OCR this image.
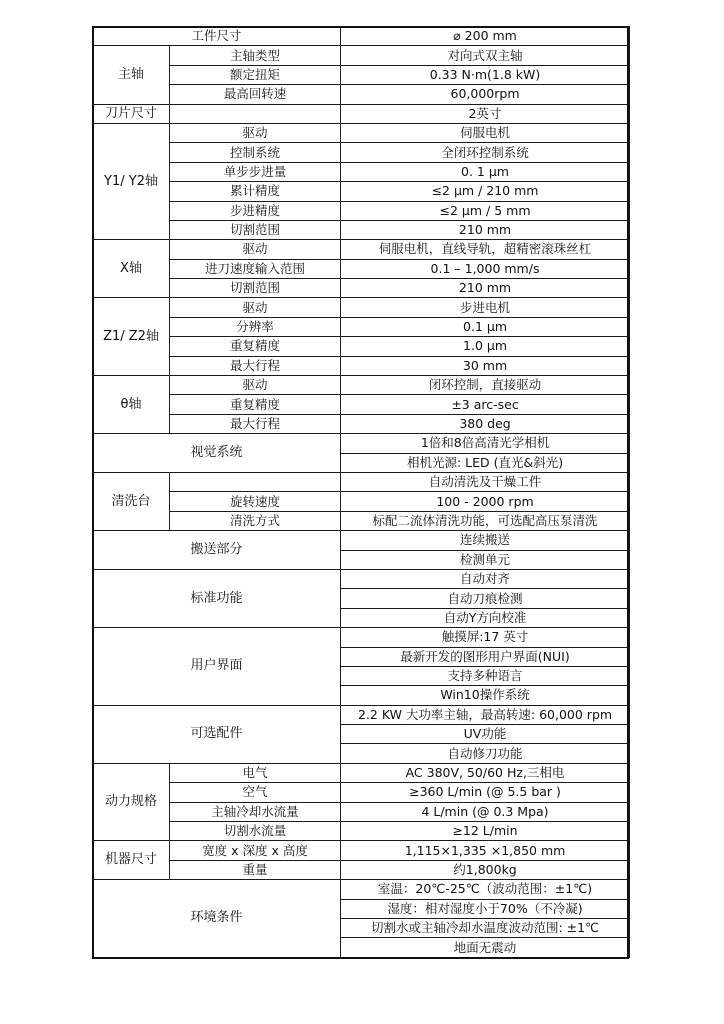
工件尺寸		⌀ 200 mm
主轴	主轴类型	对向式双主轴
	额定扭矩	0.33 N·m(1.8 kW)
	最高回转速	60,000rpm
刀片尺寸		2英寸
Y1/ Y2轴	驱动	伺服电机
	控制系统	全闭环控制系统
	单步步进量	0. 1 μm
	累计精度	≤2 μm / 210 mm
	步进精度	≤2 μm / 5 mm
	切割范围	210 mm
X轴	驱动	伺服电机，直线导轨，超精密滚珠丝杠
	进刀速度输入范围	0.1 – 1,000 mm/s
	切割范围	210 mm
Z1/ Z2轴	驱动	步进电机
	分辨率	0.1 μm
	重复精度	1.0 μm
	最大行程	30 mm
θ轴	驱动	闭环控制，直接驱动
	重复精度	±3 arc-sec
	最大行程	380 deg
视觉系统		1倍和8倍高清光学相机
		相机光源: LED (直光&斜光)
清洗台		自动清洗及干燥工件
	旋转速度	100 - 2000 rpm
	清洗方式	标配二流体清洗功能，可选配高压泵清洗
搬送部分		连续搬送
		检测单元
标准功能		自动对齐
		自动刀痕检测
		自动Y方向校准
用户界面		触摸屏:17 英寸
		最新开发的图形用户界面(NUI)
		支持多种语言
		Win10操作系统
可选配件		2.2 KW 大功率主轴，最高转速: 60,000 rpm
		UV功能
		自动修刀功能
动力规格	电气	AC 380V, 50/60 Hz,三相电
	空气	≥360 L/min (@ 5.5 bar )
	主轴冷却水流量	4 L/min (@ 0.3 Mpa)
	切割水流量	≥12 L/min
机器尺寸	宽度 x 深度 x 高度	1,115×1,335 ×1,850 mm
	重量	约1,800kg
环境条件		室温：20℃-25℃（波动范围：±1℃)
		湿度：相对湿度小于70%（不冷凝)
		切割水或主轴冷却水温度波动范围: ±1℃
		地面无震动
